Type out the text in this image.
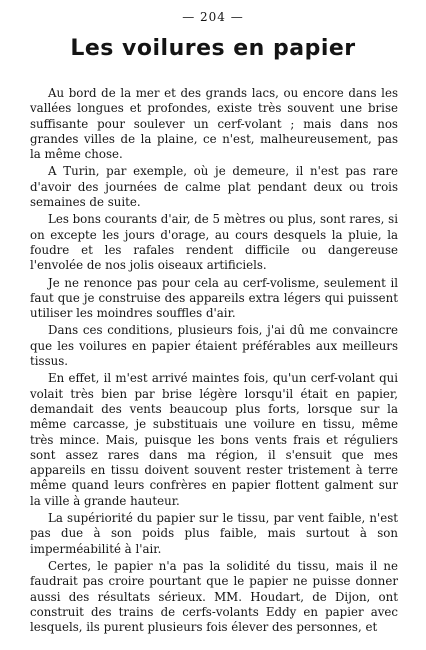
— 204 —
Les voilures en papier

Au bord de la mer et des grands lacs, ou encore dans les vallées longues et profondes, existe très souvent une brise suffisante pour soulever un cerf-volant ; mais dans nos grandes villes de la plaine, ce n'est, malheureusement, pas la même chose.

A Turin, par exemple, où je demeure, il n'est pas rare d'avoir des journées de calme plat pendant deux ou trois semaines de suite.

Les bons courants d'air, de 5 mètres ou plus, sont rares, si on excepte les jours d'orage, au cours desquels la pluie, la foudre et les rafales rendent difficile ou dangereuse l'envolée de nos jolis oiseaux artificiels.

Je ne renonce pas pour cela au cerf-volisme, seulement il faut que je construise des appareils extra légers qui puissent utiliser les moindres souffles d'air.

Dans ces conditions, plusieurs fois, j'ai dû me convaincre que les voilures en papier étaient préférables aux meilleurs tissus.

En effet, il m'est arrivé maintes fois, qu'un cerf-volant qui volait très bien par brise légère lorsqu'il était en papier, demandait des vents beaucoup plus forts, lorsque sur la même carcasse, je substituais une voilure en tissu, même très mince. Mais, puisque les bons vents frais et réguliers sont assez rares dans ma région, il s'ensuit que mes appareils en tissu doivent souvent rester tristement à terre même quand leurs confrères en papier flottent galment sur la ville à grande hauteur.

La supériorité du papier sur le tissu, par vent faible, n'est pas due à son poids plus faible, mais surtout à son imperméabilité à l'air.

Certes, le papier n'a pas la solidité du tissu, mais il ne faudrait pas croire pourtant que le papier ne puisse donner aussi des résultats sérieux. MM. Houdart, de Dijon, ont construit des trains de cerfs-volants Eddy en papier avec lesquels, ils purent plusieurs fois élever des personnes, et
